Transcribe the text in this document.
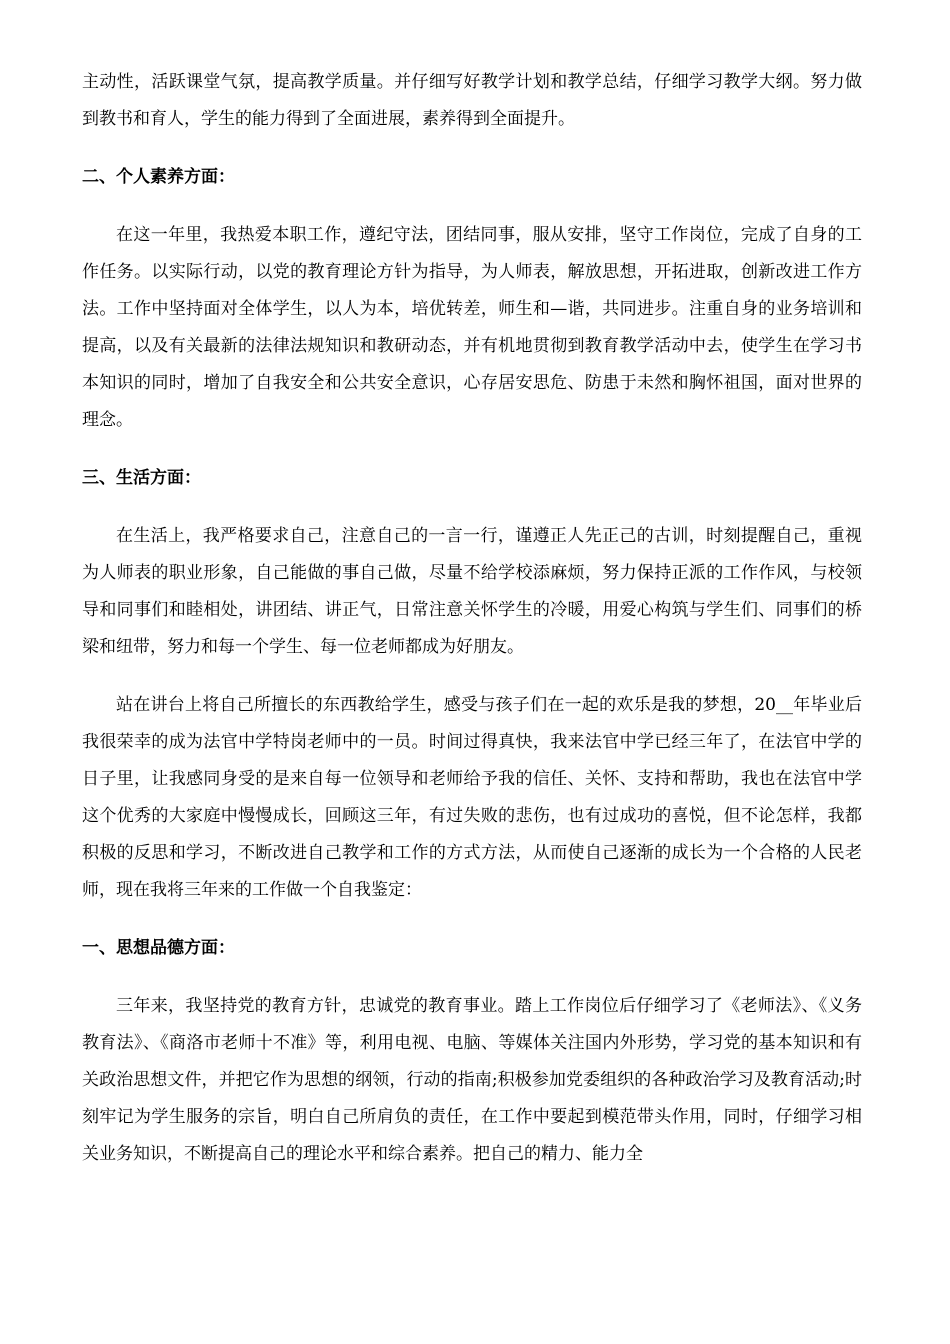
主动性，活跃课堂气氛，提高教学质量。并仔细写好教学计划和教学总结，仔细学习教学大纲。努力做到教书和育人，学生的能力得到了全面进展，素养得到全面提升。

二、个人素养方面：

在这一年里，我热爱本职工作，遵纪守法，团结同事，服从安排，坚守工作岗位，完成了自身的工作任务。以实际行动，以党的教育理论方针为指导，为人师表，解放思想，开拓进取，创新改进工作方法。工作中坚持面对全体学生，以人为本，培优转差，师生和—谐，共同进步。注重自身的业务培训和提高，以及有关最新的法律法规知识和教研动态，并有机地贯彻到教育教学活动中去，使学生在学习书本知识的同时，增加了自我安全和公共安全意识，心存居安思危、防患于未然和胸怀祖国，面对世界的理念。

三、生活方面：

在生活上，我严格要求自己，注意自己的一言一行，谨遵正人先正己的古训，时刻提醒自己，重视为人师表的职业形象，自己能做的事自己做，尽量不给学校添麻烦，努力保持正派的工作作风，与校领导和同事们和睦相处，讲团结、讲正气，日常注意关怀学生的冷暖，用爱心构筑与学生们、同事们的桥梁和纽带，努力和每一个学生、每一位老师都成为好朋友。

站在讲台上将自己所擅长的东西教给学生，感受与孩子们在一起的欢乐是我的梦想，20__年毕业后我很荣幸的成为法官中学特岗老师中的一员。时间过得真快，我来法官中学已经三年了，在法官中学的日子里，让我感同身受的是来自每一位领导和老师给予我的信任、关怀、支持和帮助，我也在法官中学这个优秀的大家庭中慢慢成长，回顾这三年，有过失败的悲伤，也有过成功的喜悦，但不论怎样，我都积极的反思和学习，不断改进自己教学和工作的方式方法，从而使自己逐渐的成长为一个合格的人民老师，现在我将三年来的工作做一个自我鉴定：

一、思想品德方面：

三年来，我坚持党的教育方针，忠诚党的教育事业。踏上工作岗位后仔细学习了《老师法》、《义务教育法》、《商洛市老师十不准》等，利用电视、电脑、等媒体关注国内外形势，学习党的基本知识和有关政治思想文件，并把它作为思想的纲领，行动的指南;积极参加党委组织的各种政治学习及教育活动;时刻牢记为学生服务的宗旨，明白自己所肩负的责任，在工作中要起到模范带头作用，同时，仔细学习相关业务知识，不断提高自己的理论水平和综合素养。把自己的精力、能力全
